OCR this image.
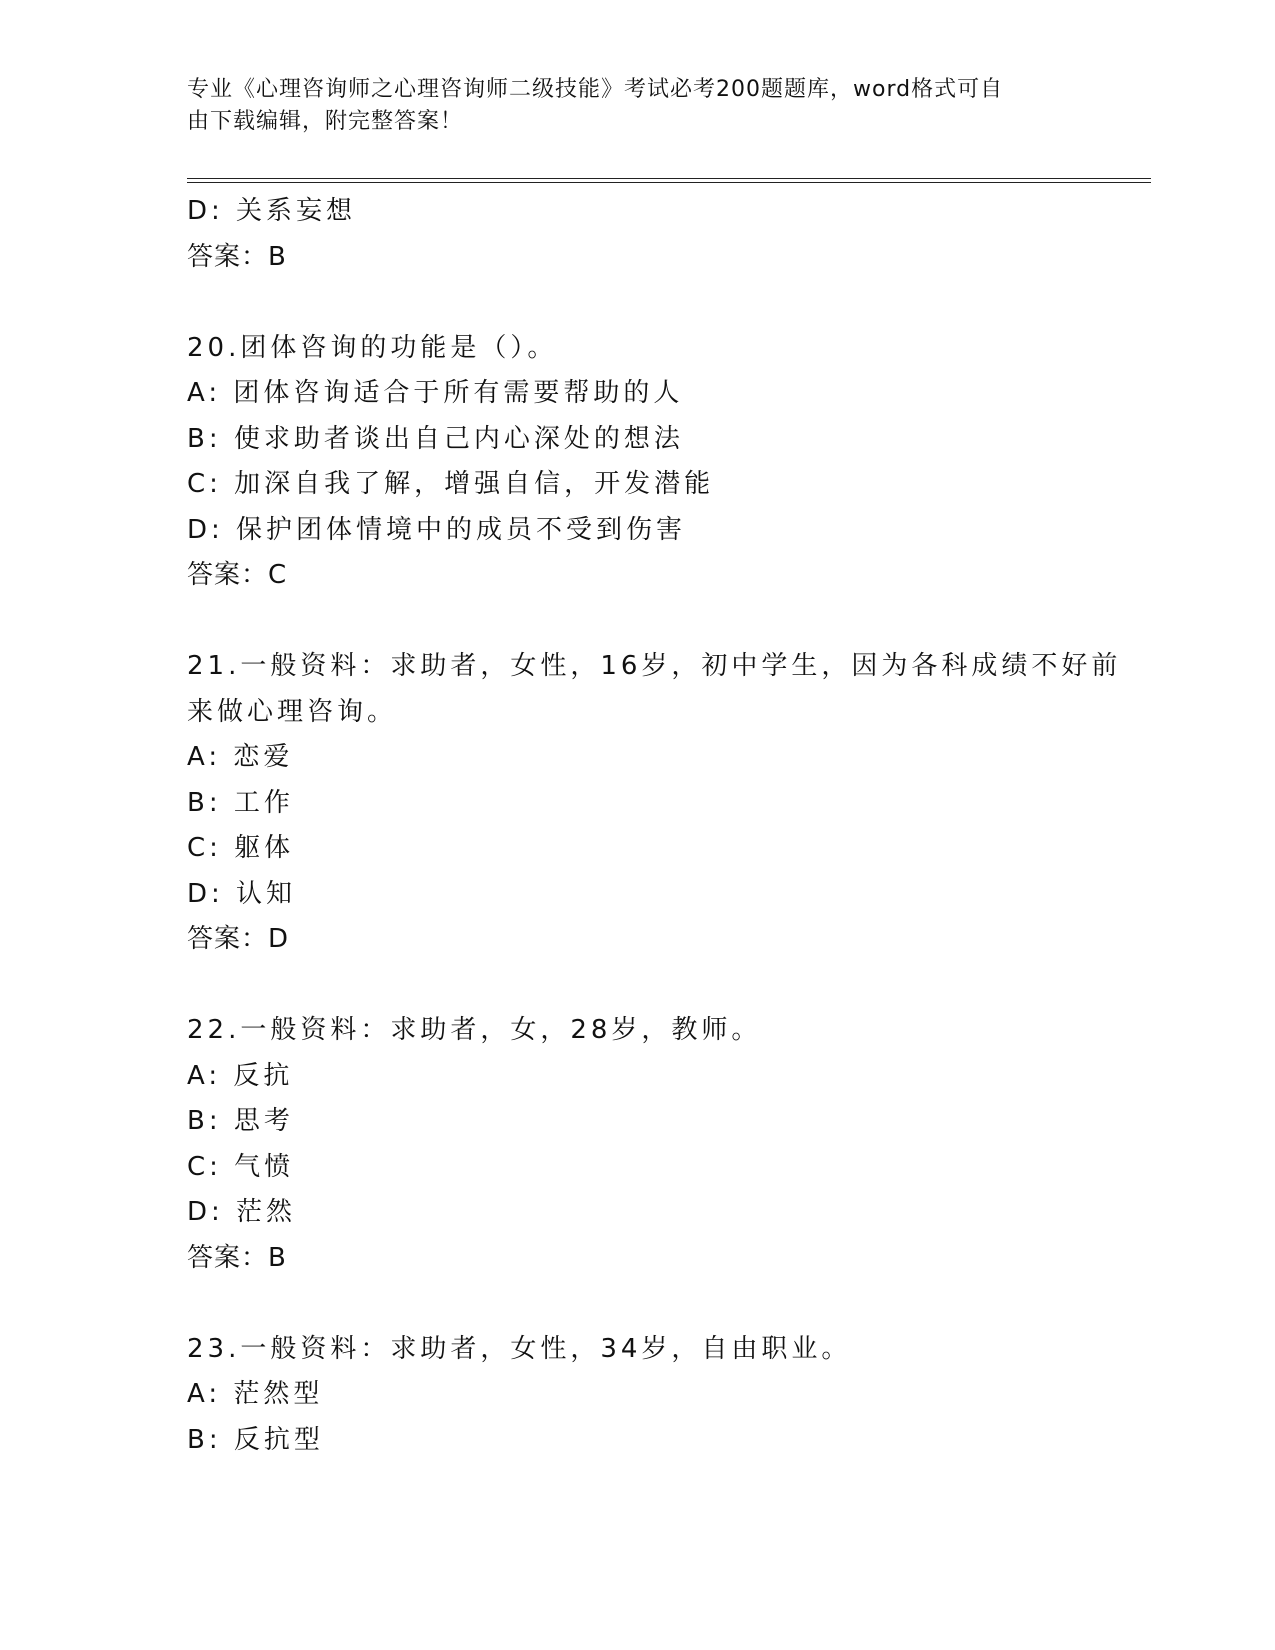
专业《心理咨询师之心理咨询师二级技能》考试必考200题题库，word格式可自
由下载编辑，附完整答案！
D: 关系妄想
答案：B
20.团体咨询的功能是（）。
A: 团体咨询适合于所有需要帮助的人
B: 使求助者谈出自己内心深处的想法
C: 加深自我了解，增强自信，开发潜能
D: 保护团体情境中的成员不受到伤害
答案：C
21.一般资料：求助者，女性，16岁，初中学生，因为各科成绩不好前
来做心理咨询。
A: 恋爱
B: 工作
C: 躯体
D: 认知
答案：D
22.一般资料：求助者，女，28岁，教师。
A: 反抗
B: 思考
C: 气愤
D: 茫然
答案：B
23.一般资料：求助者，女性，34岁，自由职业。
A: 茫然型
B: 反抗型
